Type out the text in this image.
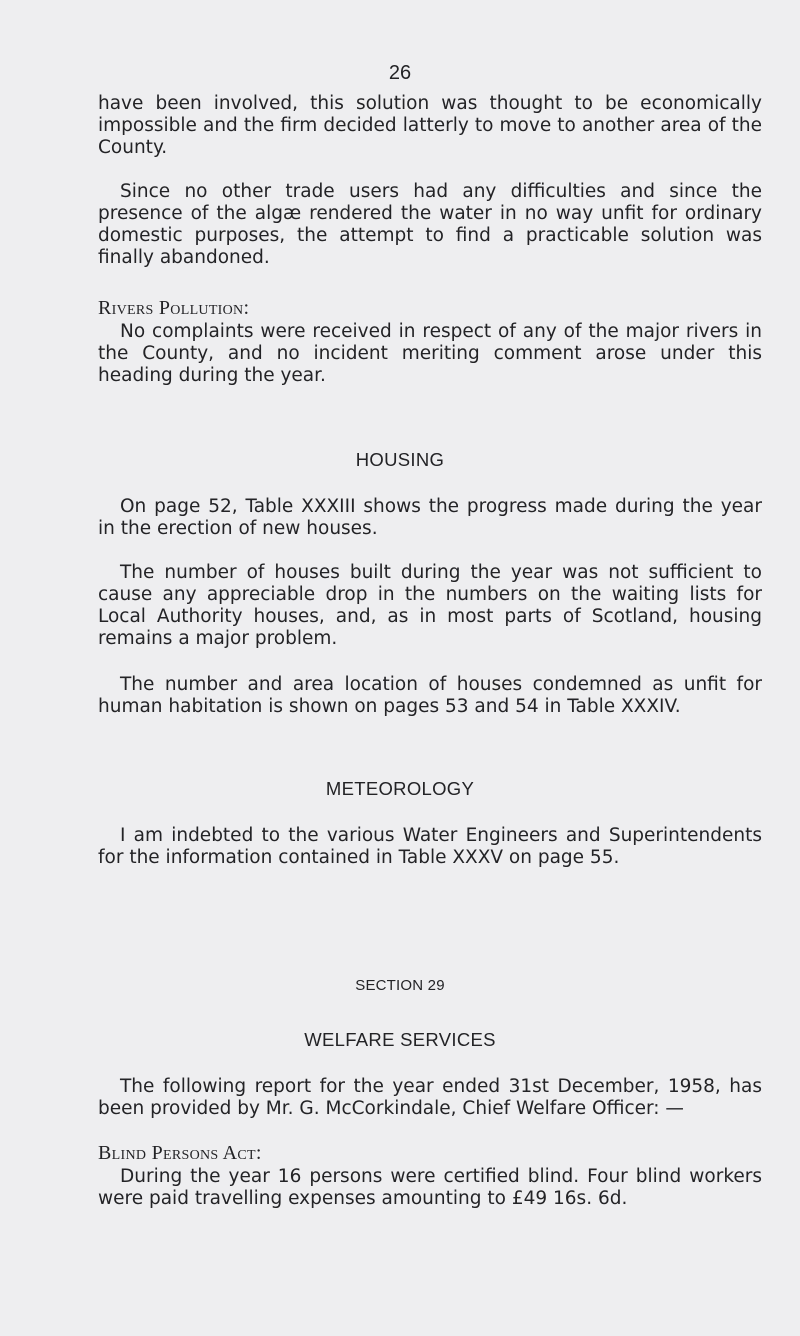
26

have been involved, this solution was thought to be economically impossible and the firm decided latterly to move to another area of the County.

Since no other trade users had any difficulties and since the presence of the algæ rendered the water in no way unfit for ordinary domestic purposes, the attempt to find a practicable solution was finally abandoned.

Rivers Pollution:

No complaints were received in respect of any of the major rivers in the County, and no incident meriting comment arose under this heading during the year.

HOUSING

On page 52, Table XXXIII shows the progress made during the year in the erection of new houses.

The number of houses built during the year was not sufficient to cause any appreciable drop in the numbers on the waiting lists for Local Authority houses, and, as in most parts of Scotland, housing remains a major problem.

The number and area location of houses condemned as unfit for human habitation is shown on pages 53 and 54 in Table XXXIV.

METEOROLOGY

I am indebted to the various Water Engineers and Superintendents for the information contained in Table XXXV on page 55.

SECTION 29
WELFARE SERVICES

The following report for the year ended 31st December, 1958, has been provided by Mr. G. McCorkindale, Chief Welfare Officer: —

Blind Persons Act:

During the year 16 persons were certified blind. Four blind workers were paid travelling expenses amounting to £49 16s. 6d.
